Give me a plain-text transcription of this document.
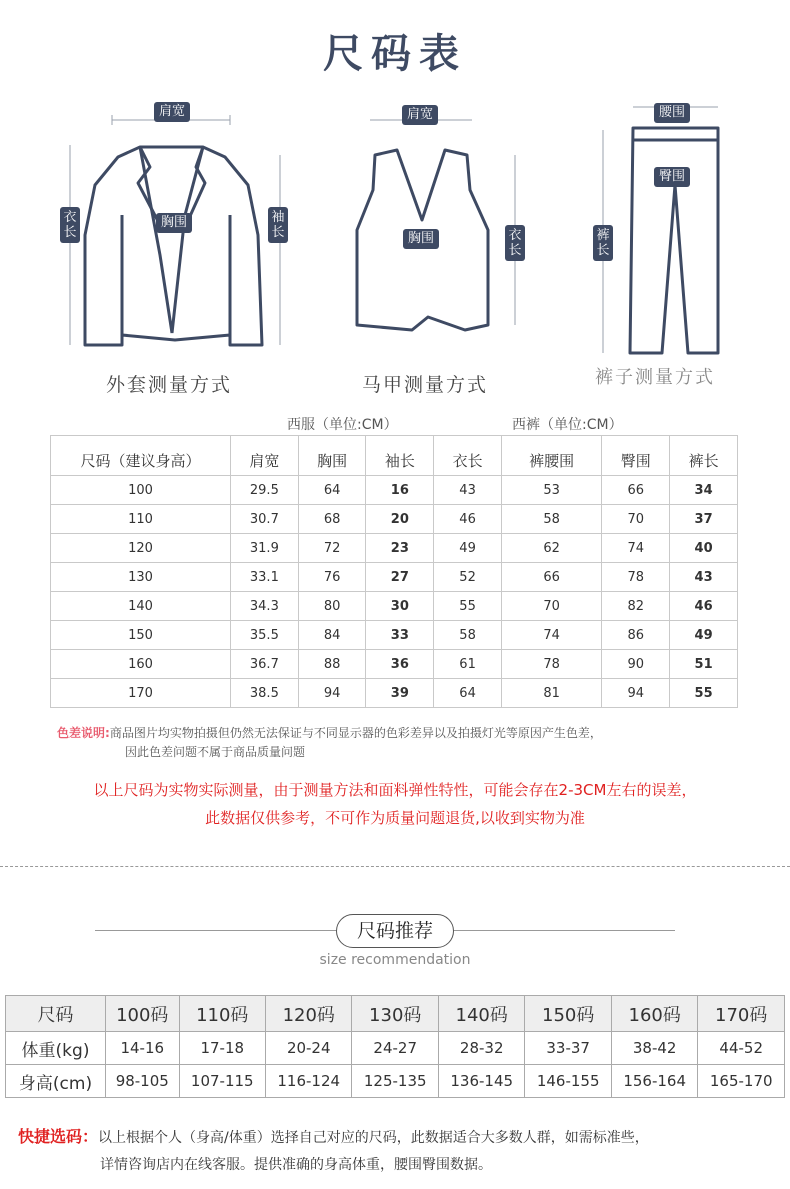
尺码表
肩宽
胸围
衣长
袖长
肩宽
胸围	衣长
腰围
臀围
裤长
外套测量方式	马甲测量方式	裤子测量方式
西服（单位:CM）	西裤（单位:CM）
尺码（建议身高）	肩宽	胸围	袖长	衣长	裤腰围	臀围	裤长
100	29.5	64	16	43	53	66	34
110	30.7	68	20	46	58	70	37
120	31.9	72	23	49	62	74	40
130	33.1	76	27	52	66	78	43
140	34.3	80	30	55	70	82	46
150	35.5	84	33	58	74	86	49
160	36.7	88	36	61	78	90	51
170	38.5	94	39	64	81	94	55
色差说明:商品图片均实物拍摄但仍然无法保证与不同显示器的色彩差异以及拍摄灯光等原因产生色差，
因此色差问题不属于商品质量问题
以上尺码为实物实际测量，由于测量方法和面料弹性特性，可能会存在2-3CM左右的误差，
此数据仅供参考，不可作为质量问题退货,以收到实物为准
尺码推荐
size recommendation
尺码	100码	110码	120码	130码	140码	150码	160码	170码
体重(kg)	14-16	17-18	20-24	24-27	28-32	33-37	38-42	44-52
身高(cm)	98-105	107-115	116-124	125-135	136-145	146-155	156-164	165-170
快捷选码：以上根据个人（身高/体重）选择自己对应的尺码，此数据适合大多数人群，如需标准些，
详情咨询店内在线客服。提供准确的身高体重，腰围臀围数据。
